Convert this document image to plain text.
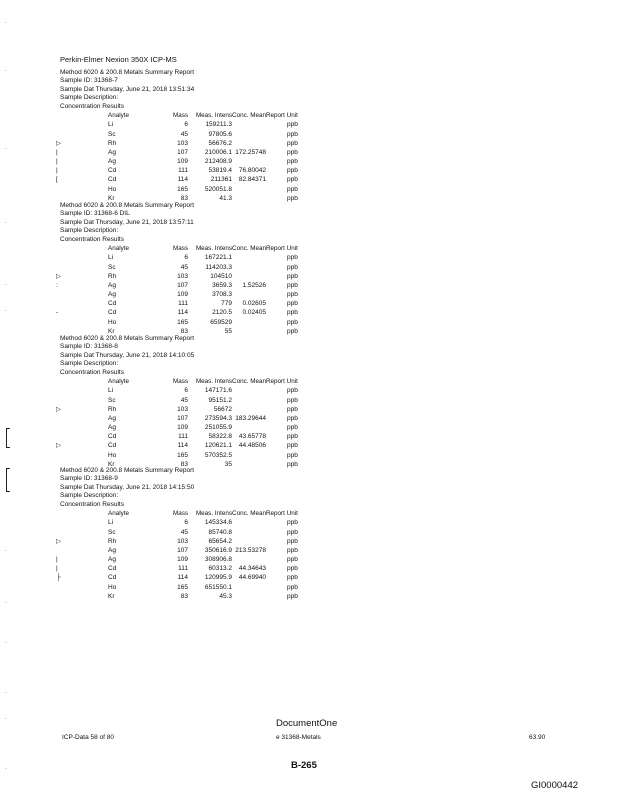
·
·
·
·
·
·
·
·
·
·
·
·
Perkin-Elmer Nexion 350X ICP-MS
Method 6020 & 200.8 Metals Summary Report
Sample ID: 31368-7
Sample Dat Thursday, June 21, 2018 13:51:34
Sample Description:
Concentration Results
	Analyte	Mass	Meas. Intens	Conc. Mean	Report Unit
	Li	6	159211.3		ppb
	Sc	45	97805.6		ppb
▷	Rh	103	56676.2		ppb
|	Ag	107	210006.1	172.25748	ppb
|	Ag	109	212408.9		ppb
|	Cd	111	53819.4	76.80042	ppb
[	Cd	114	211361	82.84371	ppb
	Ho	165	520051.8		ppb
	Kr	83	41.3		ppb
Method 6020 & 200.8 Metals Summary Report
Sample ID: 31368-6 DIL
Sample Dat Thursday, June 21, 2018 13:57:11
Sample Description:
Concentration Results
	Analyte	Mass	Meas. Intens	Conc. Mean	Report Unit
	Li	6	167221.1		ppb
	Sc	45	114203.3		ppb
▷	Rh	103	104510		ppb
:	Ag	107	3659.3	1.52526	ppb
	Ag	109	3708.3		ppb
	Cd	111	779	0.02605	ppb
-	Cd	114	2120.5	0.02405	ppb
	Ho	165	659529		ppb
	Kr	83	55		ppb
Method 6020 & 200.8 Metals Summary Report
Sample ID: 31368-8
Sample Dat Thursday, June 21, 2018 14:10:05
Sample Description:
Concentration Results
	Analyte	Mass	Meas. Intens	Conc. Mean	Report Unit
	Li	6	147171.6		ppb
	Sc	45	95151.2		ppb
▷	Rh	103	56672		ppb
	Ag	107	273594.3	183.29644	ppb
	Ag	109	251055.9		ppb
	Cd	111	58322.8	43.65778	ppb
▷	Cd	114	120621.1	44.48506	ppb
	Ho	165	570352.5		ppb
	Kr	83	35		ppb
Method 6020 & 200.8 Metals Summary Report
Sample ID: 31368-9
Sample Dat Thursday, June 21, 2018 14:15:50
Sample Description:
Concentration Results
	Analyte	Mass	Meas. Intens	Conc. Mean	Report Unit
	Li	6	145334.6		ppb
	Sc	45	85740.8		ppb
▷	Rh	103	65654.2		ppb
	Ag	107	350616.9	213.53278	ppb
|	Ag	109	308906.8		ppb
|	Cd	111	60313.2	44.34643	ppb
├	Cd	114	120995.9	44.69940	ppb
	Ho	165	651550.1		ppb
	Kr	83	45.3		ppb
DocumentOne
ICP-Data 58 of 80	e 31368-Metals	63.90
B-265
GI0000442
